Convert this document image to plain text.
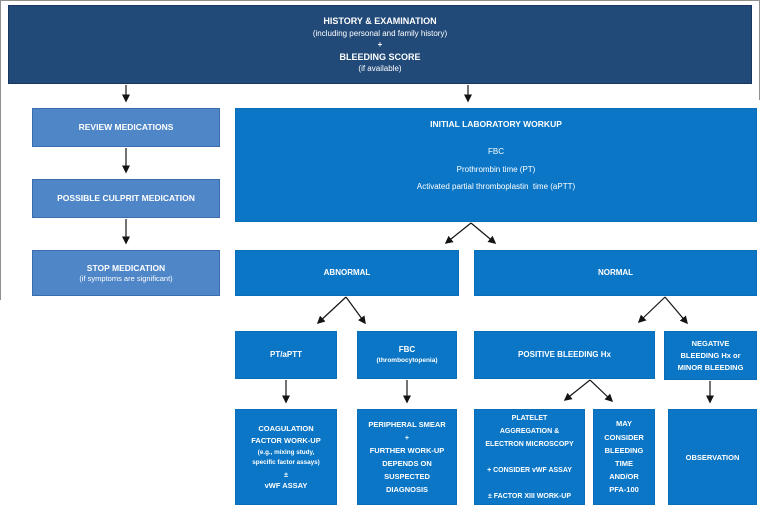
HISTORY & EXAMINATION
(including personal and family history)
+
BLEEDING SCORE
(if available)
REVIEW MEDICATIONS
POSSIBLE CULPRIT MEDICATION
STOP MEDICATION
(if symptoms are significant)
INITIAL LABORATORY WORKUP
FBC
Prothrombin time (PT)
Activated partial thromboplastin  time (aPTT)
ABNORMAL	NORMAL
PT/aPTT
FBC
(thrombocytopenia)
POSITIVE BLEEDING Hx
NEGATIVE
BLEEDING Hx or
MINOR BLEEDING
COAGULATION
FACTOR WORK-UP
(e.g., mixing study,
specific factor assays)
±
vWF ASSAY
PERIPHERAL SMEAR
+
FURTHER WORK-UP
DEPENDS ON
SUSPECTED
DIAGNOSIS
PLATELET
AGGREGATION &
ELECTRON MICROSCOPY
+ CONSIDER vWF ASSAY
± FACTOR XIII WORK-UP
MAY
CONSIDER
BLEEDING
TIME
AND/OR
PFA-100
OBSERVATION
